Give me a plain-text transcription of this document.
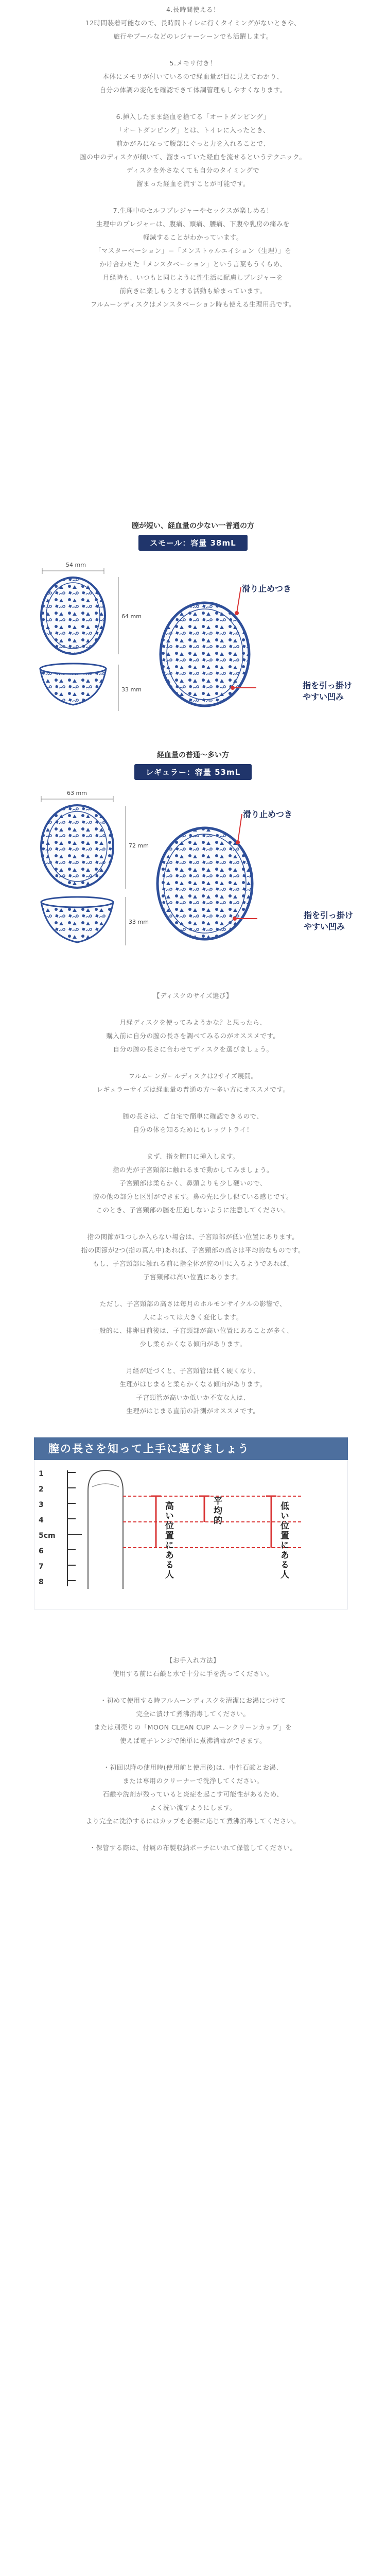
4.長時間使える！

12時間装着可能なので、長時間トイレに行くタイミングがないときや、

旅行やプールなどのレジャーシーンでも活躍します。

5.メモリ付き！

本体にメモリが付いているので経血量が目に見えてわかり、

自分の体調の変化を確認できて体調管理もしやすくなります。

6.挿入したまま経血を捨てる「オートダンピング」

「オートダンピング」とは、トイレに入ったとき、

前かがみになって腹部にぐっと力を入れることで、

膣の中のディスクが傾いて、溜まっていた経血を流せるというテクニック。

ディスクを外さなくても自分のタイミングで

溜まった経血を流すことが可能です。

7.生理中のセルフプレジャーやセックスが楽しめる！

生理中のプレジャーは、腹痛、頭痛、腰痛、下腹や乳房の痛みを

軽減することがわかっています。

「マスターベーション」＝「メンストゥルエイション（生理）」を

かけ合わせた「メンスタベーション」という言葉もうくらめ、

月経時も、いつもと同じように性生活に配慮しプレジャーを

前向きに楽しもうとする活動も始まっています。

フルムーンディスクはメンスタベーション時も使える生理用品です。

膣が短い、経血量の少ない一普通の方
スモール：容量 38mL
54 mm
64 mm
33 mm
滑り止めつき
指を引っ掛け
やすい凹み
経血量の普通〜多い方
レギュラー：容量 53mL
63 mm
72 mm
33 mm
滑り止めつき
指を引っ掛け
やすい凹み

【ディスクのサイズ選び】

月経ディスクを使ってみようかな？と思ったら、

購入前に自分の膣の長さを調べてみるのがオススメです。

自分の膣の長さに合わせてディスクを選びましょう。

フルムーンガールディスクは2サイズ展開。

レギュラーサイズは経血量の普通の方〜多い方にオススメです。

膣の長さは、ご自宅で簡単に確認できるので、

自分の体を知るためにもレッツトライ！

まず、指を膣口に挿入します。

指の先が子宮頸部に触れるまで動かしてみましょう。

子宮頸部は柔らかく、鼻頭よりも少し硬いので、

膣の他の部分と区別ができます。鼻の先に少し似ている感じです。

このとき、子宮頸部の膣を圧迫しないように注意してください。

指の関節が1つしか入らない場合は、子宮頸部が低い位置にあります。

指の関節が2つ(指の真ん中)あれば、子宮頸部の高さは平均的なものです。

もし、子宮頸部に触れる前に指全体が膣の中に入るようであれば、

子宮頸部は高い位置にあります。

ただし、子宮頸部の高さは毎月のホルモンサイクルの影響で、

人によっては大きく変化します。

一般的に、排卵日前後は、子宮頸部が高い位置にあることが多く、

少し柔らかくなる傾向があります。

月経が近づくと、子宮頸管は低く硬くなり、

生理がはじまると柔らかくなる傾向があります。

子宮頸管が高いか低いか不安な人は、

生理がはじまる直前の計測がオススメです。

膣の長さを知って上手に選びましょう
1
2
3
4
5cm
6
7
8
高い位置にある人	平均的	低い位置にある人

【お手入れ方法】

使用する前に石鹸と水で十分に手を洗ってください。

・初めて使用する時フルムーンディスクを清潔にお湯につけて

完全に漬けて煮沸消毒してください。

または別売りの「MOON CLEAN CUP ムーンクリーンカップ」を

使えば電子レンジで簡単に煮沸消毒ができます。

・初回以降の使用時(使用前と使用後)は、中性石鹸とお湯、

または専用のクリーナーで洗浄してください。

石鹸や洗剤が残っていると炎症を起こす可能性があるため、

よく洗い流すようにします。

より完全に洗浄するにはカップを必要に応じて煮沸消毒してください。

・保管する際は、付属の布製収納ポーチにいれて保管してください。
